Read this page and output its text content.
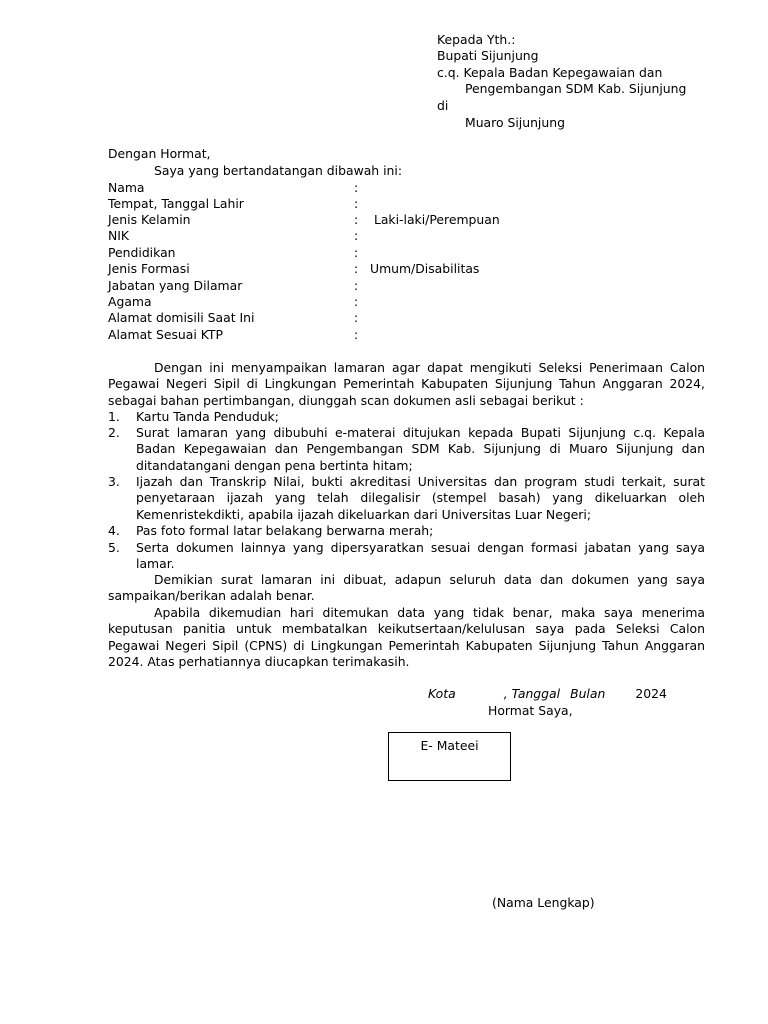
Kepada Yth.:
Bupati Sijunjung
c.q. Kepala Badan Kepegawaian dan
Pengembangan SDM Kab. Sijunjung
di
Muaro Sijunjung
Dengan Hormat,
Saya yang bertandatangan dibawah ini:
Nama	:
Tempat, Tanggal Lahir	:
Jenis Kelamin	: Laki-laki/Perempuan
NIK	:
Pendidikan	:
Jenis Formasi	: Umum/Disabilitas
Jabatan yang Dilamar	:
Agama	:
Alamat domisili Saat Ini	:
Alamat Sesuai KTP	:
Dengan ini menyampaikan lamaran agar dapat mengikuti Seleksi Penerimaan Calon Pegawai Negeri Sipil di Lingkungan Pemerintah Kabupaten Sijunjung Tahun Anggaran 2024, sebagai bahan pertimbangan, diunggah scan dokumen asli sebagai berikut :
1. Kartu Tanda Penduduk;
2. Surat lamaran yang dibubuhi e-materai ditujukan kepada Bupati Sijunjung c.q. Kepala Badan Kepegawaian dan Pengembangan SDM Kab. Sijunjung di Muaro Sijunjung dan ditandatangani dengan pena bertinta hitam;
3. Ijazah dan Transkrip Nilai, bukti akreditasi Universitas dan program studi terkait, surat penyetaraan ijazah yang telah dilegalisir (stempel basah) yang dikeluarkan oleh Kemenristekdikti, apabila ijazah dikeluarkan dari Universitas Luar Negeri;
4. Pas foto formal latar belakang berwarna merah;
5. Serta dokumen lainnya yang dipersyaratkan sesuai dengan formasi jabatan yang saya lamar.
Demikian surat lamaran ini dibuat, adapun seluruh data dan dokumen yang saya sampaikan/berikan adalah benar.
Apabila dikemudian hari ditemukan data yang tidak benar, maka saya menerima keputusan panitia untuk membatalkan keikutsertaan/kelulusan saya pada Seleksi Calon Pegawai Negeri Sipil (CPNS) di Lingkungan Pemerintah Kabupaten Sijunjung Tahun Anggaran 2024. Atas perhatiannya diucapkan terimakasih.
Kota	, Tanggal Bulan 2024
Hormat Saya,
E- Mateei
(Nama Lengkap)
